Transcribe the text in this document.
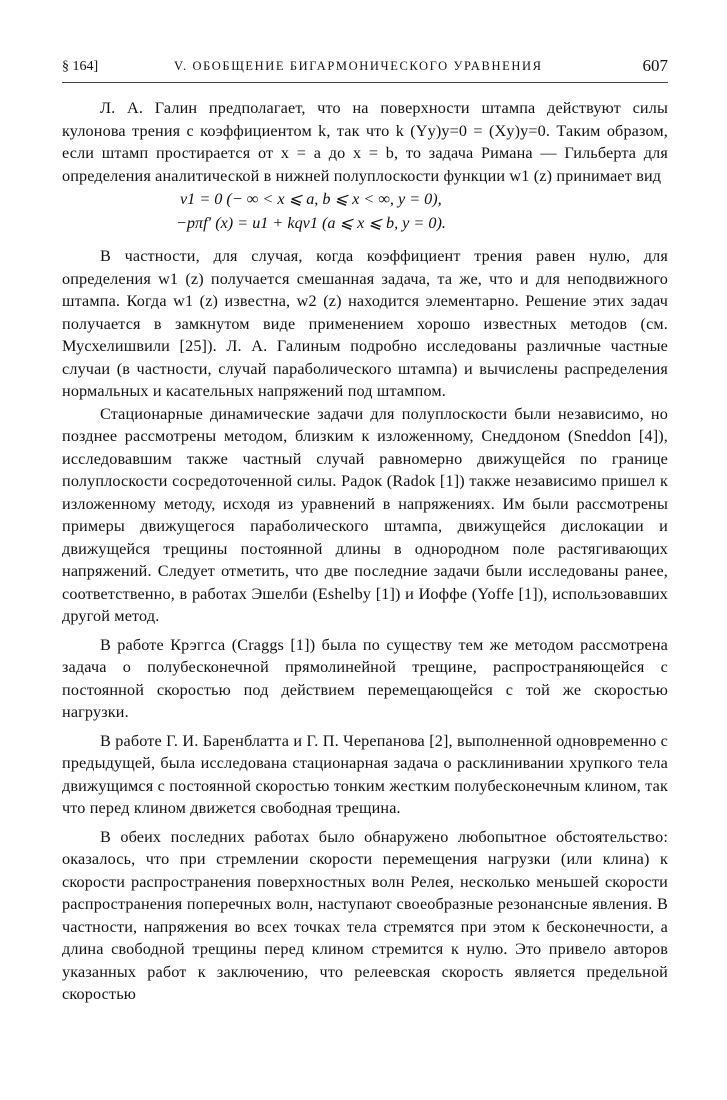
§ 164]	V. ОБОБЩЕНИЕ БИГАРМОНИЧЕСКОГО УРАВНЕНИЯ	607

Л. А. Галин предполагает, что на поверхности штампа действуют силы кулонова трения с коэффициентом k, так что k (Yy)y=0 = (Xy)y=0. Таким образом, если штамп простирается от x = a до x = b, то задача Римана — Гильберта для определения аналитической в нижней полуплоскости функции w1 (z) принимает вид

v1 = 0 (− ∞ < x ⩽ a, b ⩽ x < ∞, y = 0),
−pπf′ (x) = u1 + kqv1 (a ⩽ x ⩽ b, y = 0).

В частности, для случая, когда коэффициент трения равен нулю, для определения w1 (z) получается смешанная задача, та же, что и для неподвижного штампа. Когда w1 (z) известна, w2 (z) находится элементарно. Решение этих задач получается в замкнутом виде применением хорошо известных методов (см. Мусхелишвили [25]). Л. А. Галиным подробно исследованы различные частные случаи (в частности, случай параболического штампа) и вычислены распределения нормальных и касательных напряжений под штампом.

Стационарные динамические задачи для полуплоскости были независимо, но позднее рассмотрены методом, близким к изложенному, Снеддоном (Sneddon [4]), исследовавшим также частный случай равномерно движущейся по границе полуплоскости сосредоточенной силы. Радок (Radok [1]) также независимо пришел к изложенному методу, исходя из уравнений в напряжениях. Им были рассмотрены примеры движущегося параболического штампа, движущейся дислокации и движущейся трещины постоянной длины в однородном поле растягивающих напряжений. Следует отметить, что две последние задачи были исследованы ранее, соответственно, в работах Эшелби (Eshelby [1]) и Иоффе (Yoffe [1]), использовавших другой метод.

В работе Крэггса (Craggs [1]) была по существу тем же методом рассмотрена задача о полубесконечной прямолинейной трещине, распространяющейся с постоянной скоростью под действием перемещающейся с той же скоростью нагрузки.

В работе Г. И. Баренблатта и Г. П. Черепанова [2], выполненной одновременно с предыдущей, была исследована стационарная задача о расклинивании хрупкого тела движущимся с постоянной скоростью тонким жестким полубесконечным клином, так что перед клином движется свободная трещина.

В обеих последних работах было обнаружено любопытное обстоятельство: оказалось, что при стремлении скорости перемещения нагрузки (или клина) к скорости распространения поверхностных волн Релея, несколько меньшей скорости распространения поперечных волн, наступают своеобразные резонансные явления. В частности, напряжения во всех точках тела стремятся при этом к бесконечности, а длина свободной трещины перед клином стремится к нулю. Это привело авторов указанных работ к заключению, что релеевская скорость является предельной скоростью
